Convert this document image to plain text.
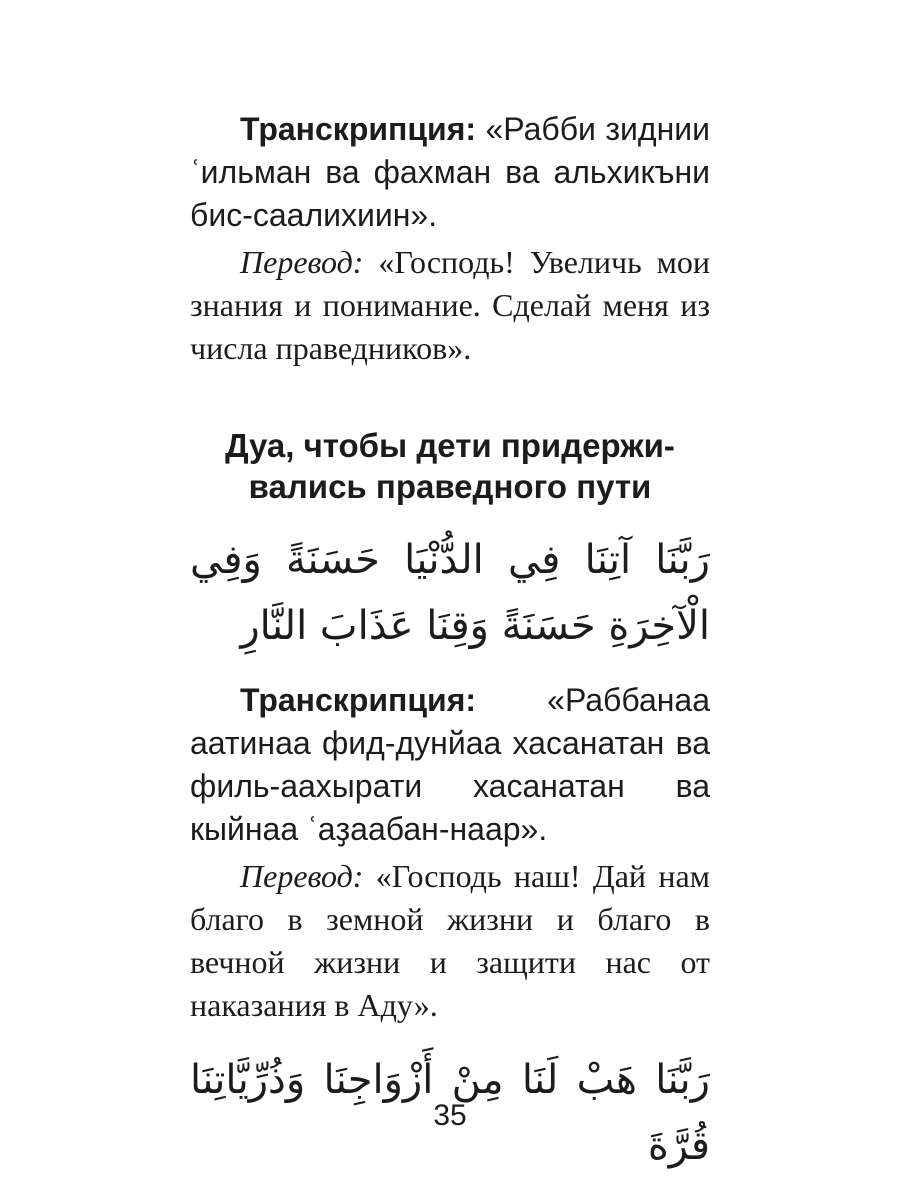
Транскрипция: «Рабби зиднии ʿильман ва фахман ва альхикъни бис-саалихиин».

Перевод: «Господь! Увеличь мои знания и понимание. Сделай меня из числа праведников».

Дуа, чтобы дети придержи-
вались праведного пути

رَبَّنَا آتِنَا فِي الدُّنْيَا حَسَنَةً وَفِي الْآخِرَةِ حَسَنَةً وَقِنَا عَذَابَ النَّارِ

Транскрипция: «Раббанаа аатинаа фид-дунйаа хасанатан ва филь-аахырати хасанатан ва кыйнаа ʿаҙаабан-наар».

Перевод: «Господь наш! Дай нам благо в земной жизни и благо в вечной жизни и защити нас от наказания в Аду».

رَبَّنَا هَبْ لَنَا مِنْ أَزْوَاجِنَا وَذُرِّيَّاتِنَا قُرَّةَ

35
